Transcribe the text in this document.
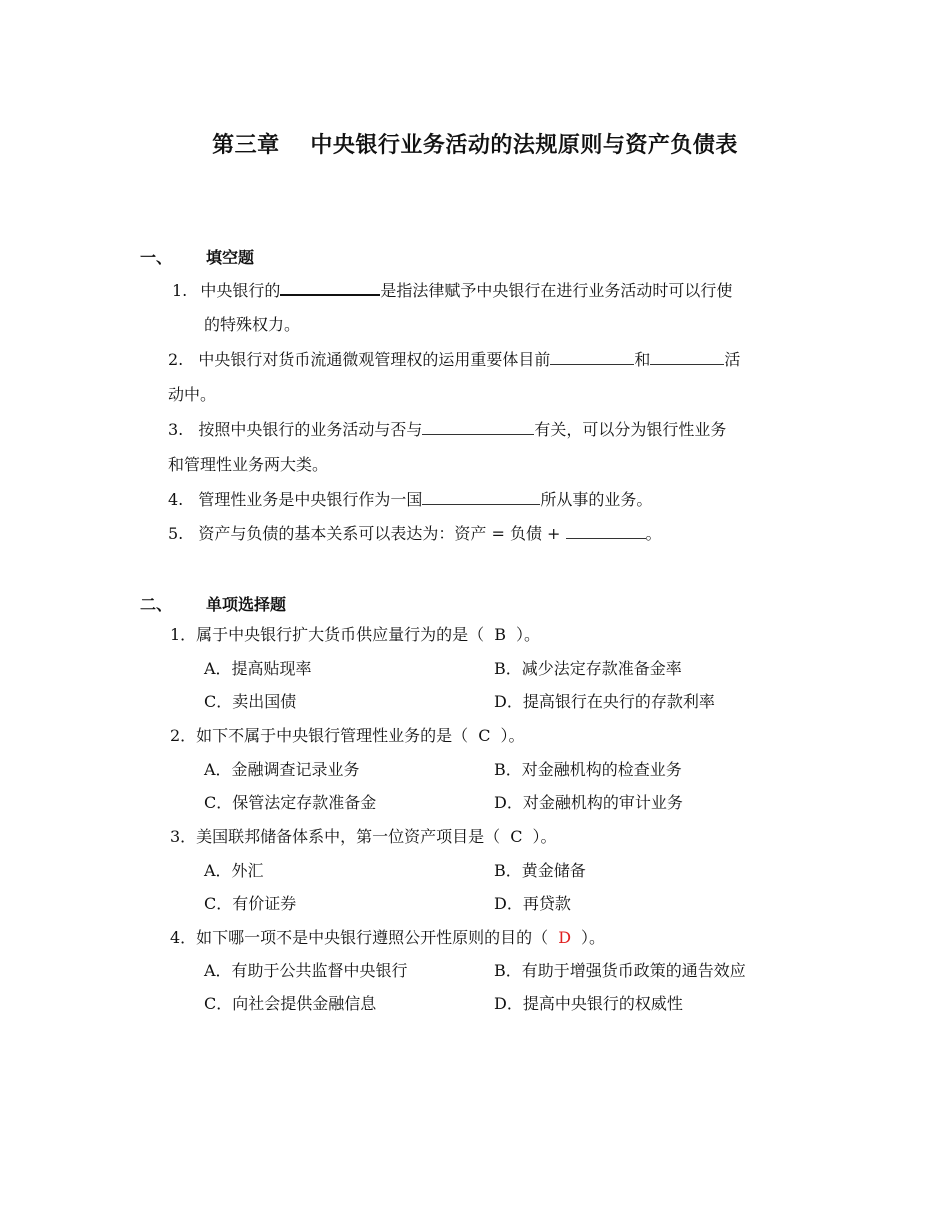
第三章　 中央银行业务活动的法规原则与资产负债表
一、 填空题
1. 中央银行的	是指法律赋予中央银行在进行业务活动时可以行使
的特殊权力。
2. 中央银行对货币流通微观管理权的运用重要体目前	和	活
动中。
3. 按照中央银行的业务活动与否与	有关，可以分为银行性业务
和管理性业务两大类。
4. 管理性业务是中央银行作为一国	所从事的业务。
5. 资产与负债的基本关系可以表达为：资产 = 负债 +	。
二、 单项选择题
1．属于中央银行扩大货币供应量行为的是（ B ）。
A．提高贴现率	B．减少法定存款准备金率
C．卖出国债	D．提高银行在央行的存款利率
2．如下不属于中央银行管理性业务的是（ C ）。
A．金融调查记录业务	B．对金融机构的检查业务
C．保管法定存款准备金	D．对金融机构的审计业务
3．美国联邦储备体系中，第一位资产项目是（ C ）。
A．外汇	B．黄金储备
C．有价证券	D．再贷款
4．如下哪一项不是中央银行遵照公开性原则的目的（ D ）。
A．有助于公共监督中央银行	B．有助于增强货币政策的通告效应
C．向社会提供金融信息	D．提高中央银行的权威性
